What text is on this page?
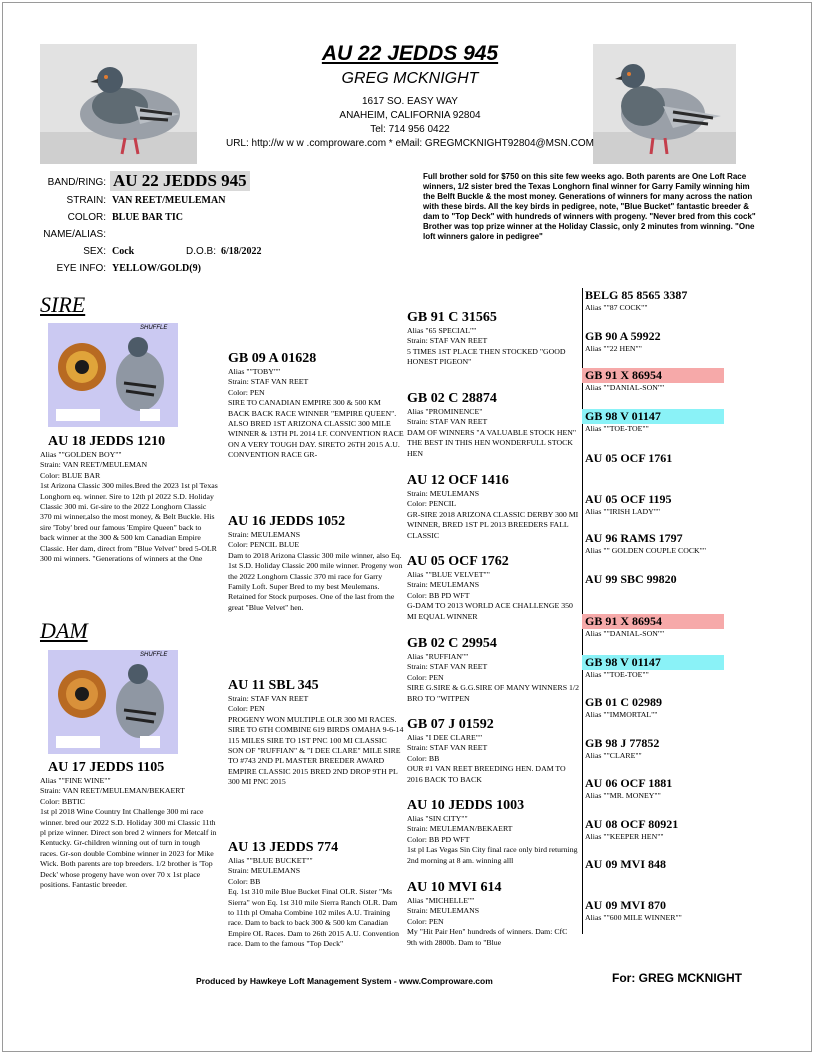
AU 22 JEDDS 945
GREG MCKNIGHT
1617 SO. EASY WAY
ANAHEIM, CALIFORNIA 92804
Tel: 714 956 0422
URL: http://w w w .comproware.com * eMail: GREGMCKNIGHT92804@MSN.COM
BAND/RING: AU 22 JEDDS 945
STRAIN: VAN REET/MEULEMAN
COLOR: BLUE BAR TIC
NAME/ALIAS:
SEX: Cock	D.O.B: 6/18/2022
EYE INFO: YELLOW/GOLD(9)
Full brother sold for $750 on this site few weeks ago. Both parents are One Loft Race winners, 1/2 sister bred the Texas Longhorn final winner for Garry Family winning him the Belft Buckle & the most money. Generations of winners for many across the nation with these birds. All the key birds in pedigree, note, "Blue Bucket" fantastic breeder & dam to "Top Deck" with hundreds of winners with progeny. "Never bred from this cock" Brother was top prize winner at the Holiday Classic, only 2 minutes from winning. "One loft winners galore in pedigree"
SIRE
DAM
SHUFFLE
SHUFFLE
AU 18 JEDDS 1210
Alias ""GOLDEN BOY""
Strain: VAN REET/MEULEMAN
Color: BLUE BAR
1st Arizona Classic 300 miles.Bred the 2023 1st pl Texas Longhorn eq. winner. Sire to 12th pl 2022 S.D. Holiday Classic 300 mi. Gr-sire to the 2022 Longhorn Classic 370 mi winner,also the most money, & Belt Buckle. His sire 'Toby' bred our famous 'Empire Queen" back to back winner at the 300 & 500 km Canadian Empire Classic. Her dam, direct from "Blue Velvet" bred 5-OLR 300 mi winners. "Generations of winners at the One
AU 17 JEDDS 1105
Alias ""FINE WINE""
Strain: VAN REET/MEULEMAN/BEKAERT
Color: BBTIC
1st pl 2018 Wine Country Int Challenge 300 mi race winner. bred our 2022 S.D. Holiday 300 mi Classic 11th pl prize winner. Direct son bred 2 winners for Metcalf in Kentucky. Gr-children winning out of turn in tough races. Gr-son double Combine winner in 2023 for Mike Wick. Both parents are top breeders. 1/2 brother is 'Top Deck' whose progeny have won over 70 x 1st place positions. Fantastic breeder.
GB 09 A 01628
Alias ""TOBY""
Strain: STAF VAN REET
Color: PEN
SIRE TO CANADIAN EMPIRE 300 & 500 KM BACK BACK RACE WINNER "EMPIRE QUEEN". ALSO BRED 1ST ARIZONA CLASSIC 300 MILE WINNER & 13TH PL 2014 I.F. CONVENTION RACE ON A VERY TOUGH DAY. SIRETO 26TH 2015 A.U. CONVENTION RACE GR-
AU 16 JEDDS 1052
Strain: MEULEMANS
Color: PENCIL BLUE
Dam to 2018 Arizona Classic 300 mile winner, also Eq. 1st S.D. Holiday Classic 200 mile winner. Progeny won the 2022 Longhorn Classic 370 mi race for Garry Family Loft. Super Bred to my best Meulemans. Retained for Stock purposes. One of the last from the great "Blue Velvet" hen.
AU 11 SBL 345
Strain: STAF VAN REET
Color: PEN
PROGENY WON MULTIPLE OLR 300 MI RACES. SIRE TO 6TH COMBINE 619 BIRDS OMAHA 9-6-14 115 MILES SIRE TO 1ST PNC 100 MI CLASSIC SON OF "RUFFIAN" & "I DEE CLARE" MILE SIRE TO #743 2ND PL MASTER BREEDER AWARD EMPIRE CLASSIC 2015 BRED 2ND DROP 9TH PL 300 MI PNC 2015
AU 13 JEDDS 774
Alias ""BLUE BUCKET""
Strain: MEULEMANS
Color: BB
Eq. 1st 310 mile Blue Bucket Final OLR. Sister "Ms Sierra" won Eq. 1st 310 mile Sierra Ranch OLR. Dam to 11th pl Omaha Combine 102 miles A.U. Training race. Dam to back to back 300 & 500 km Canadian Empire OL Races. Dam to 26th 2015 A.U. Convention race. Dam to the famous "Top Deck"
GB 91 C 31565
Alias "65 SPECIAL""
Strain: STAF VAN REET
5 TIMES 1ST PLACE THEN STOCKED "GOOD HONEST PIGEON"
GB 02 C 28874
Alias "PROMINENCE"
Strain: STAF VAN REET
DAM OF WINNERS "A VALUABLE STOCK HEN" THE BEST IN THIS HEN WONDERFULL STOCK HEN
AU 12 OCF 1416
Strain: MEULEMANS
Color: PENCIL
GR-SIRE 2018 ARIZONA CLASSIC DERBY 300 MI WINNER, BRED 1ST PL 2013 BREEDERS FALL CLASSIC
AU 05 OCF 1762
Alias ""BLUE VELVET""
Strain: MEULEMANS
Color: BB PD WFT
G-DAM TO 2013 WORLD ACE CHALLENGE 350 MI EQUAL WINNER
GB 02 C 29954
Alias "RUFFIAN""
Strain: STAF VAN REET
Color: PEN
SIRE G.SIRE & G.G.SIRE OF MANY WINNERS 1/2 BRO TO "WITPEN
GB 07 J 01592
Alias "I DEE CLARE""
Strain: STAF VAN REET
Color: BB
OUR #1 VAN REET BREEDING HEN. DAM TO 2016 BACK TO BACK
AU 10 JEDDS 1003
Alias "SIN CITY""
Strain: MEULEMAN/BEKAERT
Color: BB PD WFT
1st pl Las Vegas Sin City final race only bird returning 2nd morning at 8 am. winning alll
AU 10 MVI 614
Alias "MICHELLE""
Strain: MEULEMANS
Color: PEN
My "Hit Pair Hen" hundreds of winners. Dam: CfC 9th with 2800b. Dam to "Blue
BELG 85 8565 3387
Alias ""87 COCK""
GB 90 A 59922
Alias ""22 HEN""
GB 91 X 86954
Alias ""DANIAL-SON""
GB 98 V 01147
Alias ""TOE-TOE""
AU 05 OCF 1761
AU 05 OCF 1195
Alias ""IRISH LADY""
AU 96 RAMS 1797
Alias "" GOLDEN COUPLE COCK""
AU 99 SBC 99820
GB 91 X 86954
Alias ""DANIAL-SON""
GB 98 V 01147
Alias ""TOE-TOE""
GB 01 C 02989
Alias ""IMMORTAL""
GB 98 J 77852
Alias ""CLARE""
AU 06 OCF 1881
Alias ""MR. MONEY""
AU 08 OCF 80921
Alias ""KEEPER HEN""
AU 09 MVI 848
AU 09 MVI 870
Alias ""600 MILE WINNER""
Produced by Hawkeye Loft Management System - www.Comproware.com	For: GREG MCKNIGHT
